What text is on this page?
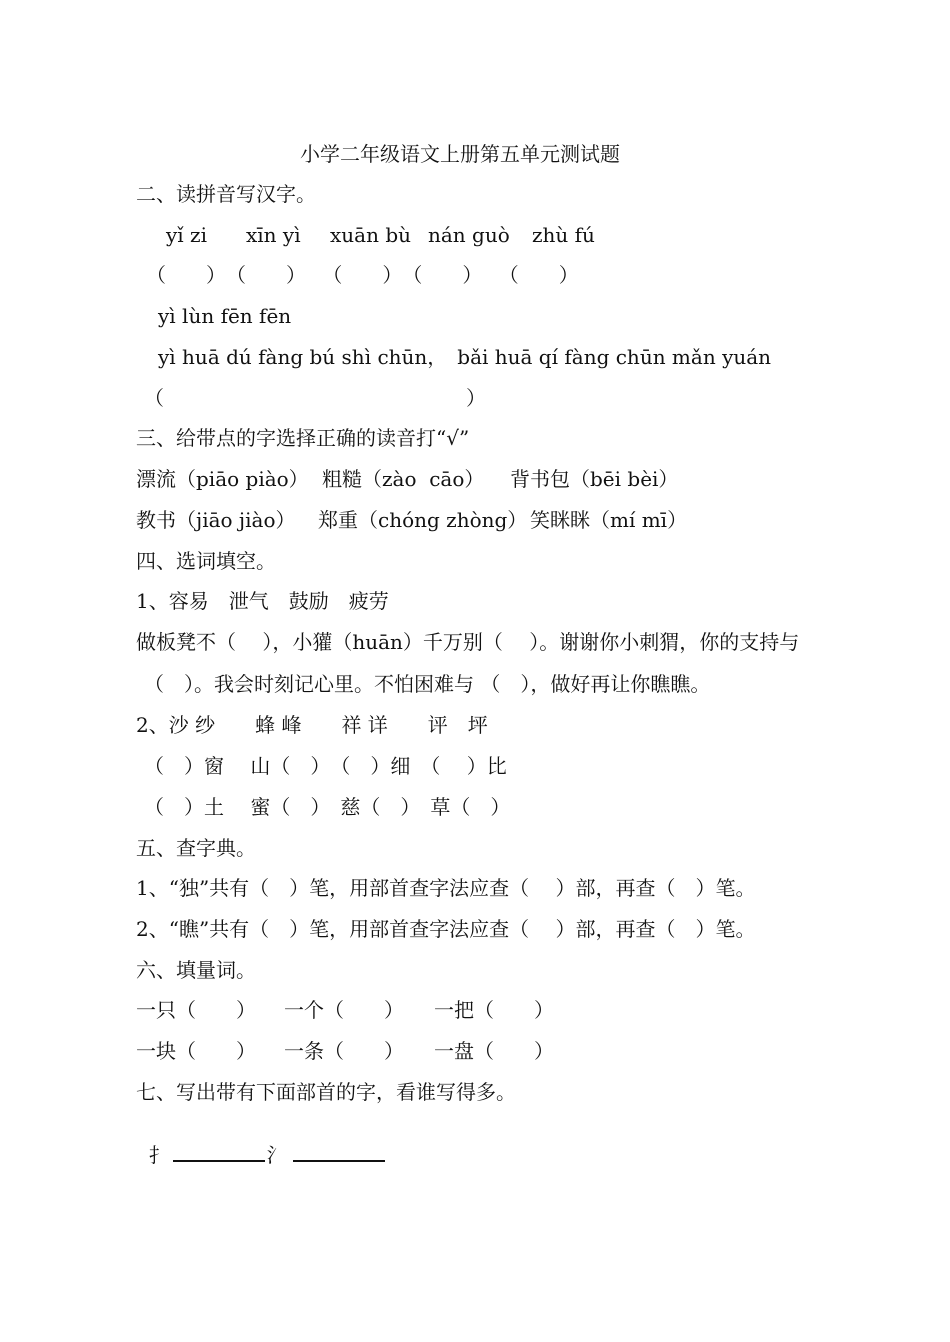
小学二年级语文上册第五单元测试题
二、读拼音写汉字。
yǐ zi xīn yì xuān bù nán guò zhù fú
（　　）　（　　）　 （　　）　（　　）　 （　　）
yì lùn fēn fēn
yì huā dú fàng bú shì chūn，　bǎi huā qí fàng chūn mǎn yuán
（	）
三、给带点的字选择正确的读音打“√”
漂流（piāo piào） 粗糙（zào  cāo） 背书包（bēi bèi）
教书（jiāo jiào） 郑重（chóng zhòng） 笑眯眯（mí mī）
四、选词填空。
1、容易　泄气　鼓励　疲劳
做板凳不（　 ），小獾（huān）千万别（　 ）。谢谢你小刺猬，你的支持与
（　）。我会时刻记心里。不怕困难与 （　），做好再让你瞧瞧。
2、沙 纱　　蜂 峰　　祥 详　　评　坪
（　）窗　 山（　）　（　）细　（　 ）比
（　）土　 蜜（　）　慈（　）　草（　）
五、查字典。
1、“独”共有（　）笔，用部首查字法应查（　 ）部，再查（　）笔。
2、“瞧”共有（　）笔，用部首查字法应查（　 ）部，再查（　）笔。
六、填量词。
一只（　　） 一个（　　） 一把（　　）
一块（　　） 一条（　　） 一盘（　　）
七、写出带有下面部首的字，看谁写得多。

扌	氵
